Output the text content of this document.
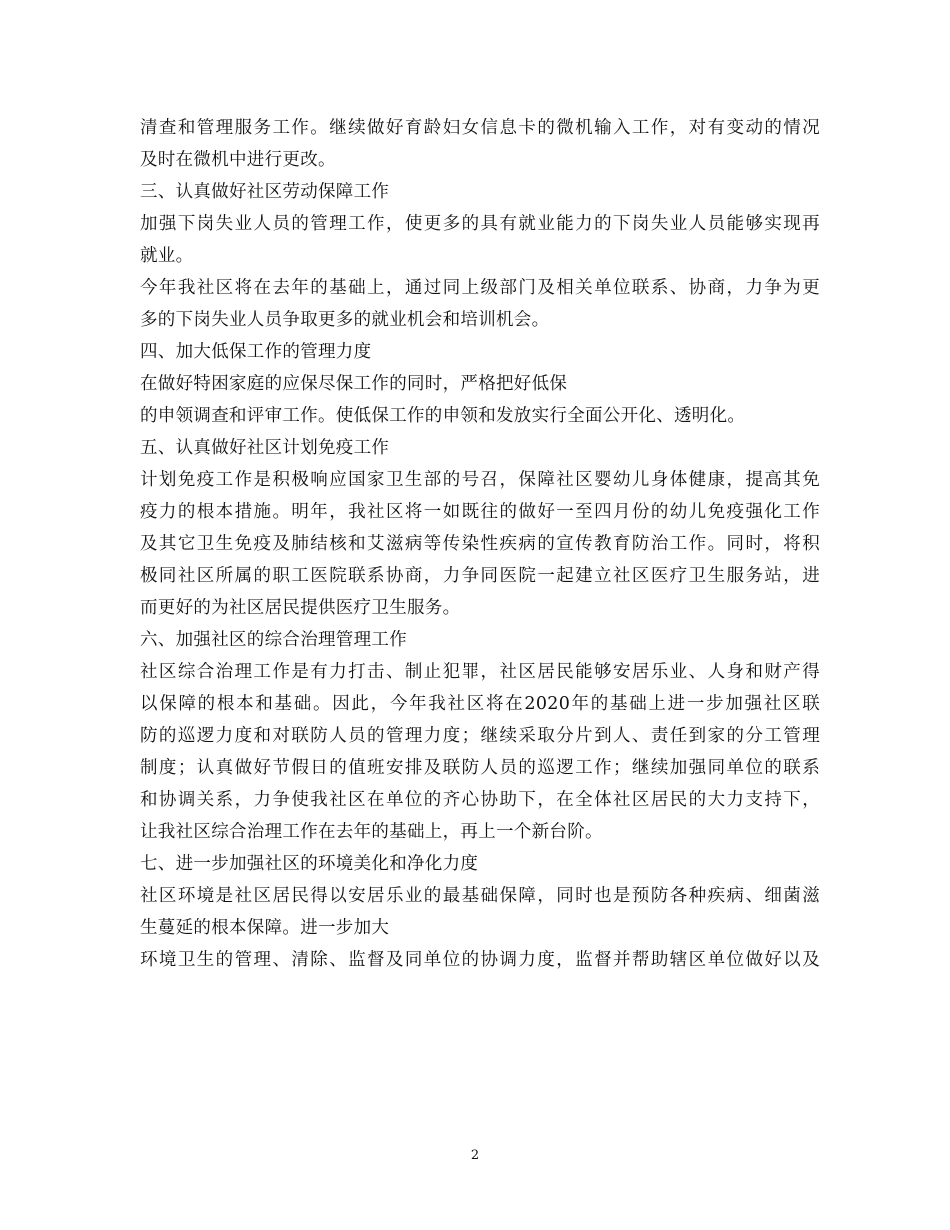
清查和管理服务工作。继续做好育龄妇女信息卡的微机输入工作，对有变动的情况
及时在微机中进行更改。
三、认真做好社区劳动保障工作
加强下岗失业人员的管理工作，使更多的具有就业能力的下岗失业人员能够实现再
就业。
今年我社区将在去年的基础上，通过同上级部门及相关单位联系、协商，力争为更
多的下岗失业人员争取更多的就业机会和培训机会。
四、加大低保工作的管理力度
在做好特困家庭的应保尽保工作的同时，严格把好低保
的申领调查和评审工作。使低保工作的申领和发放实行全面公开化、透明化。
五、认真做好社区计划免疫工作
计划免疫工作是积极响应国家卫生部的号召，保障社区婴幼儿身体健康，提高其免
疫力的根本措施。明年，我社区将一如既往的做好一至四月份的幼儿免疫强化工作
及其它卫生免疫及肺结核和艾滋病等传染性疾病的宣传教育防治工作。同时，将积
极同社区所属的职工医院联系协商，力争同医院一起建立社区医疗卫生服务站，进
而更好的为社区居民提供医疗卫生服务。
六、加强社区的综合治理管理工作
社区综合治理工作是有力打击、制止犯罪，社区居民能够安居乐业、人身和财产得
以保障的根本和基础。因此，今年我社区将在2020年的基础上进一步加强社区联
防的巡逻力度和对联防人员的管理力度；继续采取分片到人、责任到家的分工管理
制度；认真做好节假日的值班安排及联防人员的巡逻工作；继续加强同单位的联系
和协调关系，力争使我社区在单位的齐心协助下，在全体社区居民的大力支持下，
让我社区综合治理工作在去年的基础上，再上一个新台阶。
七、进一步加强社区的环境美化和净化力度
社区环境是社区居民得以安居乐业的最基础保障，同时也是预防各种疾病、细菌滋
生蔓延的根本保障。进一步加大
环境卫生的管理、清除、监督及同单位的协调力度，监督并帮助辖区单位做好以及
2
